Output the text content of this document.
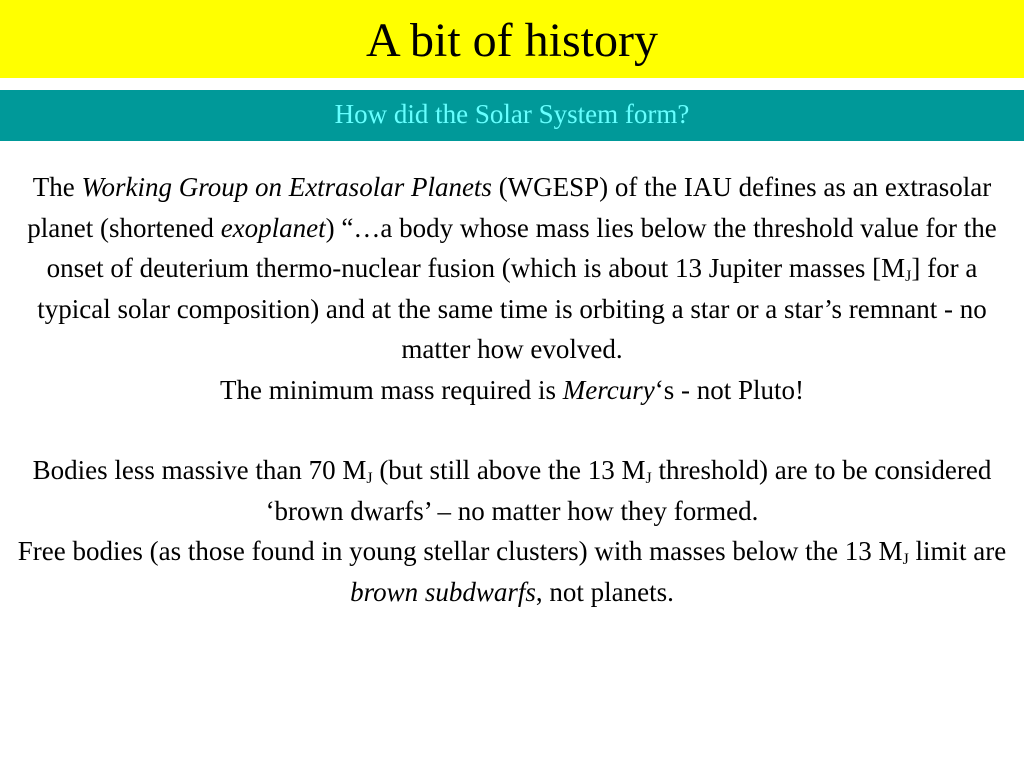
A bit of history
How did the Solar System form?

The Working Group on Extrasolar Planets (WGESP) of the IAU defines as an extrasolar planet (shortened exoplanet) “…a body whose mass lies below the threshold value for the onset of deuterium thermo-nuclear fusion (which is about 13 Jupiter masses $[M_J]$ for a typical solar composition) and at the same time is orbiting a star or a star’s remnant - no matter how evolved.

The minimum mass required is Mercury‘s - not Pluto!

Bodies less massive than 70 $M_J$ (but still above the 13 $M_J$ threshold) are to be considered ‘brown dwarfs’ – no matter how they formed.

Free bodies (as those found in young stellar clusters) with masses below the 13 $M_J$ limit are brown subdwarfs, not planets.
